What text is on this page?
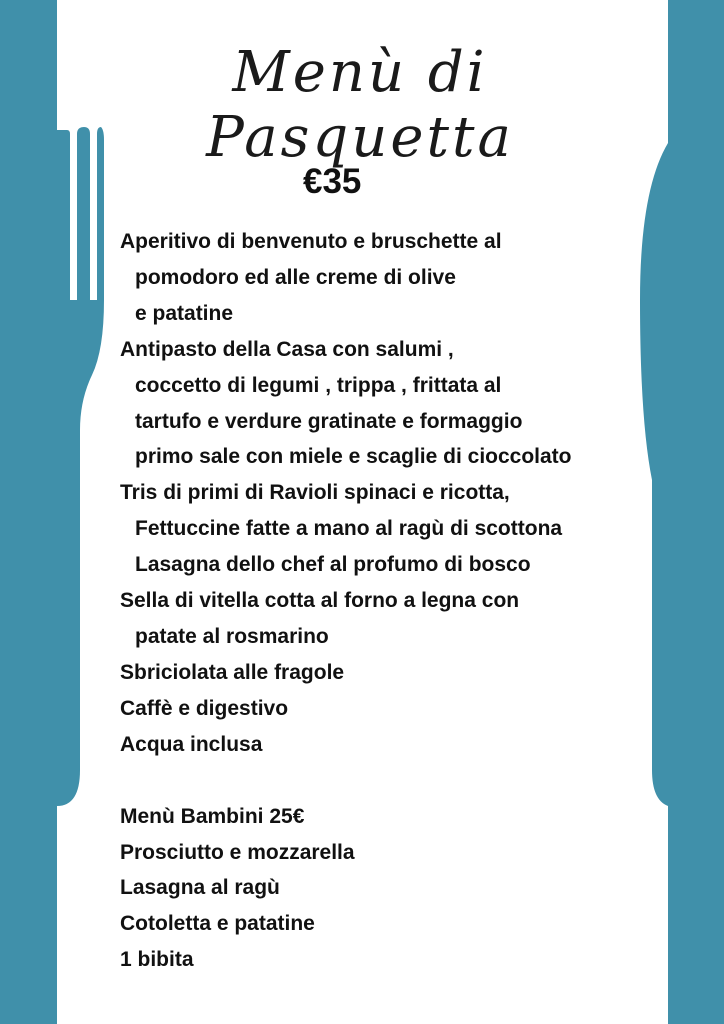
Menù di Pasquetta
€35
Aperitivo di benvenuto e bruschette al
pomodoro ed alle creme di olive
e patatine
Antipasto della Casa con salumi ,
coccetto di legumi , trippa , frittata al
tartufo e verdure gratinate e formaggio
primo sale con miele e scaglie di cioccolato
Tris di primi di Ravioli spinaci e ricotta,
Fettuccine fatte a mano al ragù di scottona
Lasagna dello chef al profumo di bosco
Sella di vitella cotta al forno a legna con
patate al rosmarino
Sbriciolata alle fragole
Caffè e digestivo
Acqua inclusa
Menù Bambini 25€
Prosciutto e mozzarella
Lasagna al ragù
Cotoletta e patatine
1 bibita
